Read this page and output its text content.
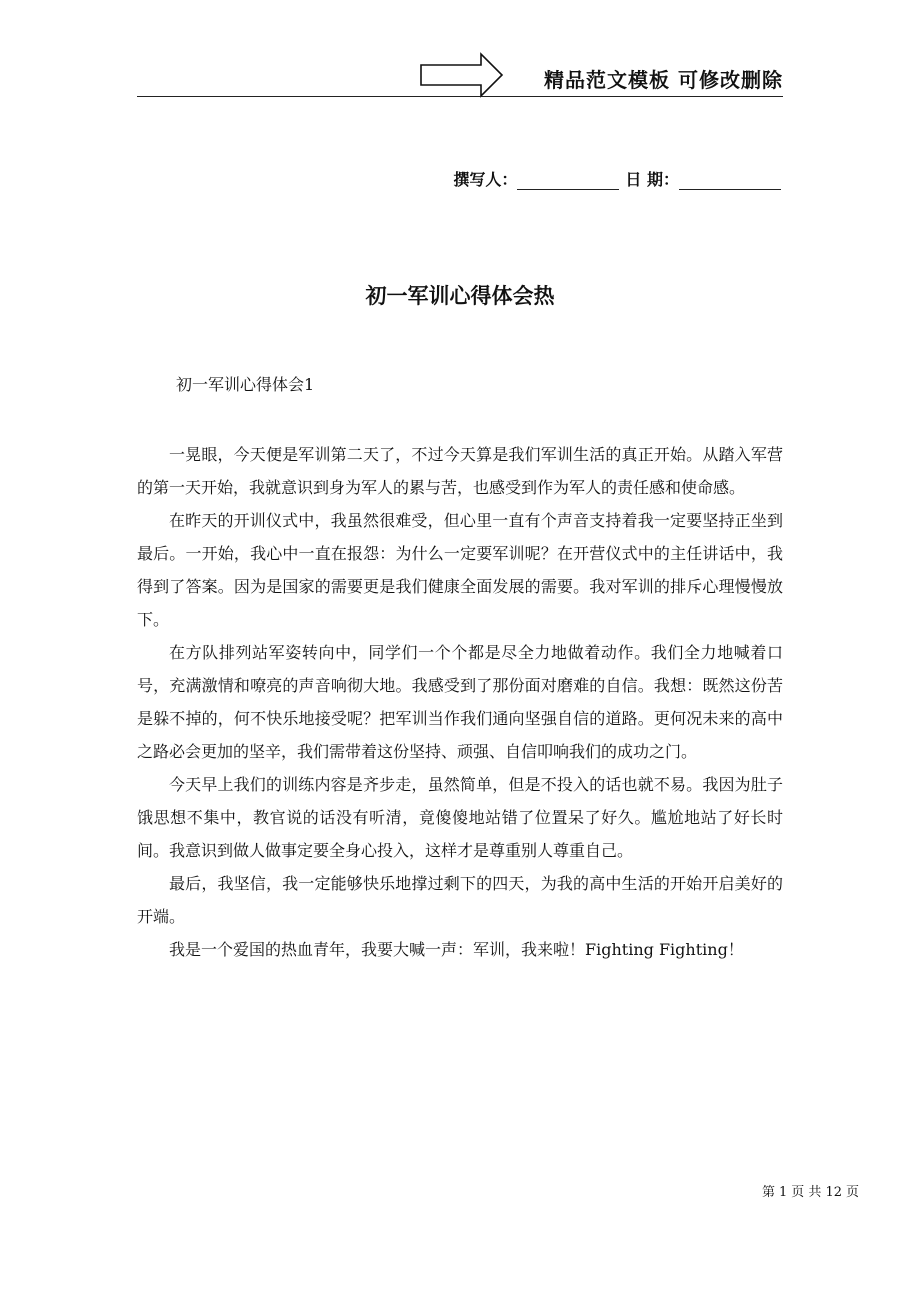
精品范文模板 可修改删除
撰写人：	日 期：
初一军训心得体会热
初一军训心得体会1

一晃眼，今天便是军训第二天了，不过今天算是我们军训生活的真正开始。从踏入军营的第一天开始，我就意识到身为军人的累与苦，也感受到作为军人的责任感和使命感。

在昨天的开训仪式中，我虽然很难受，但心里一直有个声音支持着我一定要坚持正坐到最后。一开始，我心中一直在报怨：为什么一定要军训呢？在开营仪式中的主任讲话中，我得到了答案。因为是国家的需要更是我们健康全面发展的需要。我对军训的排斥心理慢慢放下。

在方队排列站军姿转向中，同学们一个个都是尽全力地做着动作。我们全力地喊着口号，充满激情和嘹亮的声音响彻大地。我感受到了那份面对磨难的自信。我想：既然这份苦是躲不掉的，何不快乐地接受呢？把军训当作我们通向坚强自信的道路。更何况未来的高中之路必会更加的坚辛，我们需带着这份坚持、顽强、自信叩响我们的成功之门。

今天早上我们的训练内容是齐步走，虽然简单，但是不投入的话也就不易。我因为肚子饿思想不集中，教官说的话没有听清，竟傻傻地站错了位置呆了好久。尴尬地站了好长时间。我意识到做人做事定要全身心投入，这样才是尊重别人尊重自己。

最后，我坚信，我一定能够快乐地撑过剩下的四天，为我的高中生活的开始开启美好的开端。

我是一个爱国的热血青年，我要大喊一声：军训，我来啦！Fighting Fighting！

第 1 页 共 12 页
